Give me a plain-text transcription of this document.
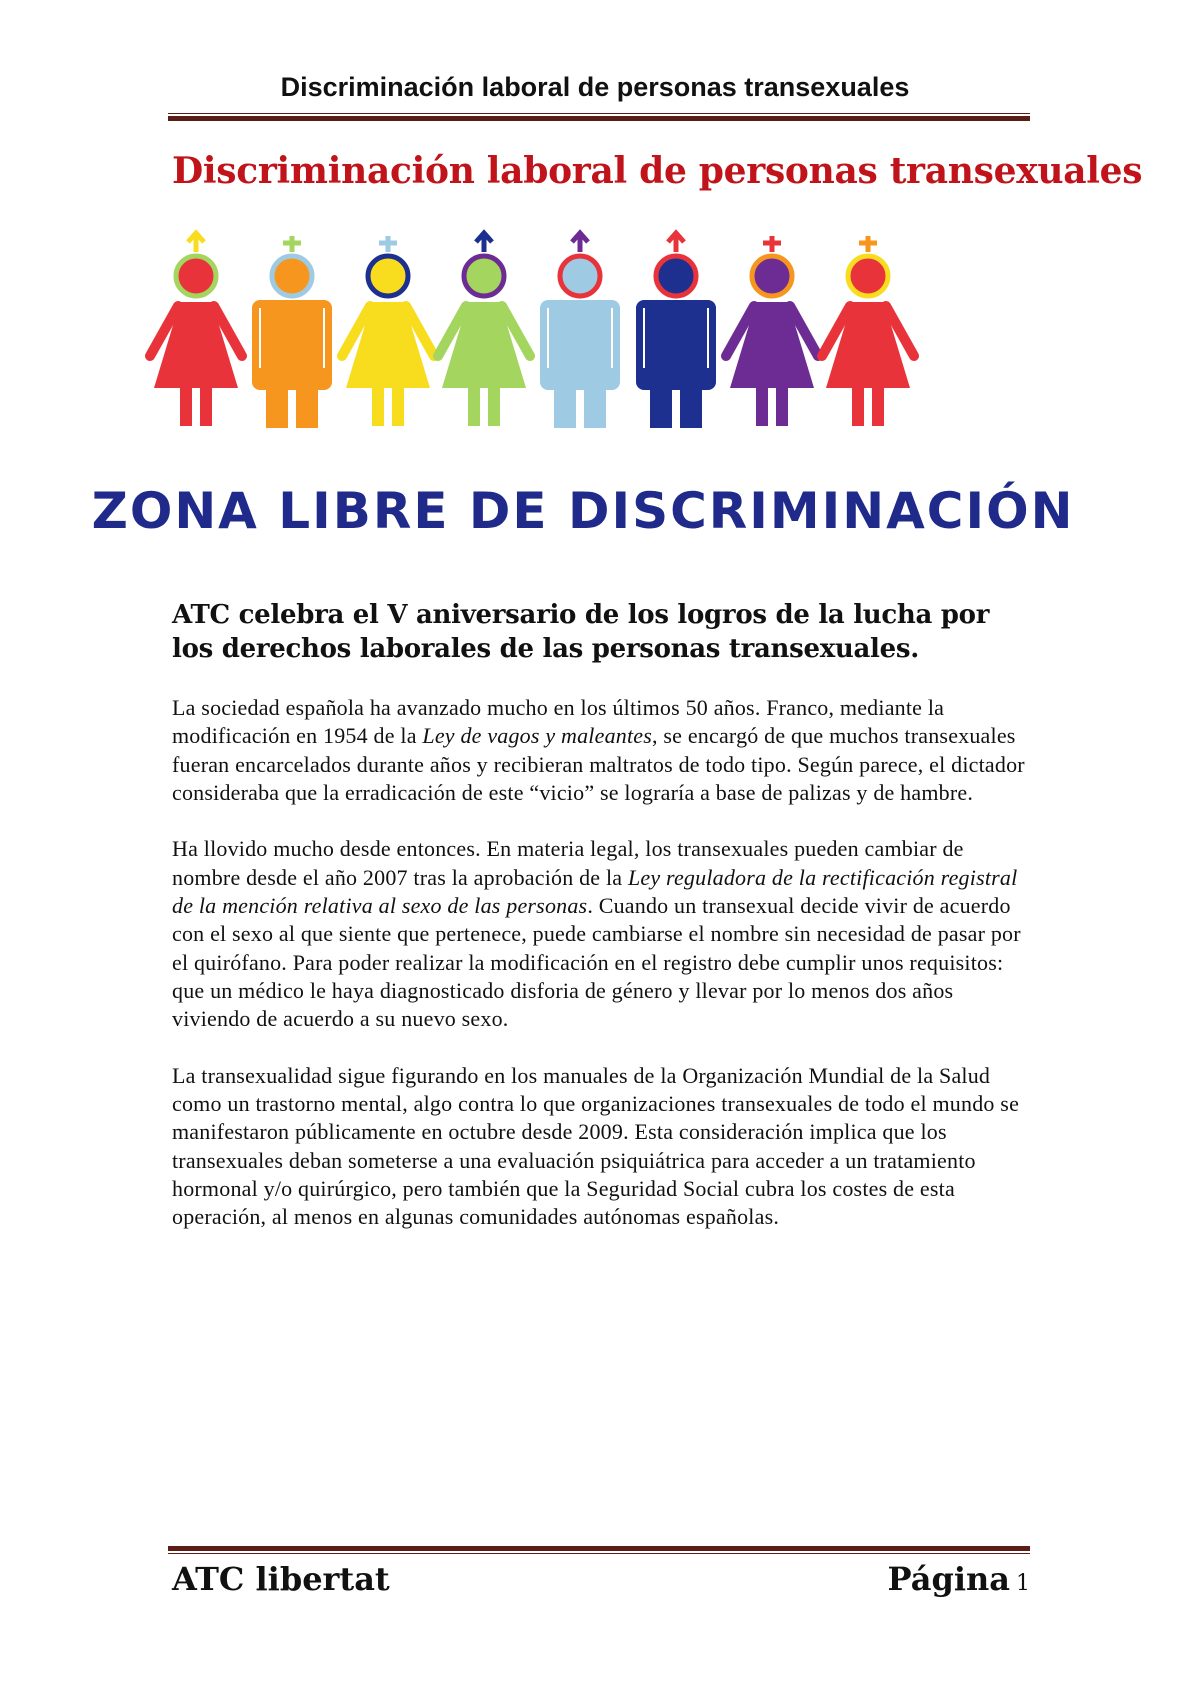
Discriminación laboral de personas transexuales
Discriminación laboral de personas transexuales
ZONA LIBRE DE DISCRIMINACIÓN
ATC celebra el V aniversario de los logros de la lucha por los derechos laborales de las personas transexuales.

La sociedad española ha avanzado mucho en los últimos 50 años. Franco, mediante la modificación en 1954 de la Ley de vagos y maleantes, se encargó de que muchos transexuales fueran encarcelados durante años y recibieran maltratos de todo tipo. Según parece, el dictador consideraba que la erradicación de este “vicio” se lograría a base de palizas y de hambre.

Ha llovido mucho desde entonces. En materia legal, los transexuales pueden cambiar de nombre desde el año 2007 tras la aprobación de la Ley reguladora de la rectificación registral de la mención relativa al sexo de las personas. Cuando un transexual decide vivir de acuerdo con el sexo al que siente que pertenece, puede cambiarse el nombre sin necesidad de pasar por el quirófano. Para poder realizar la modificación en el registro debe cumplir unos requisitos: que un médico le haya diagnosticado disforia de género y llevar por lo menos dos años viviendo de acuerdo a su nuevo sexo.

La transexualidad sigue figurando en los manuales de la Organización Mundial de la Salud como un trastorno mental, algo contra lo que organizaciones transexuales de todo el mundo se manifestaron públicamente en octubre desde 2009. Esta consideración implica que los transexuales deban someterse a una evaluación psiquiátrica para acceder a un tratamiento hormonal y/o quirúrgico, pero también que la Seguridad Social cubra los costes de esta operación, al menos en algunas comunidades autónomas españolas.

ATC libertat	Página 1
